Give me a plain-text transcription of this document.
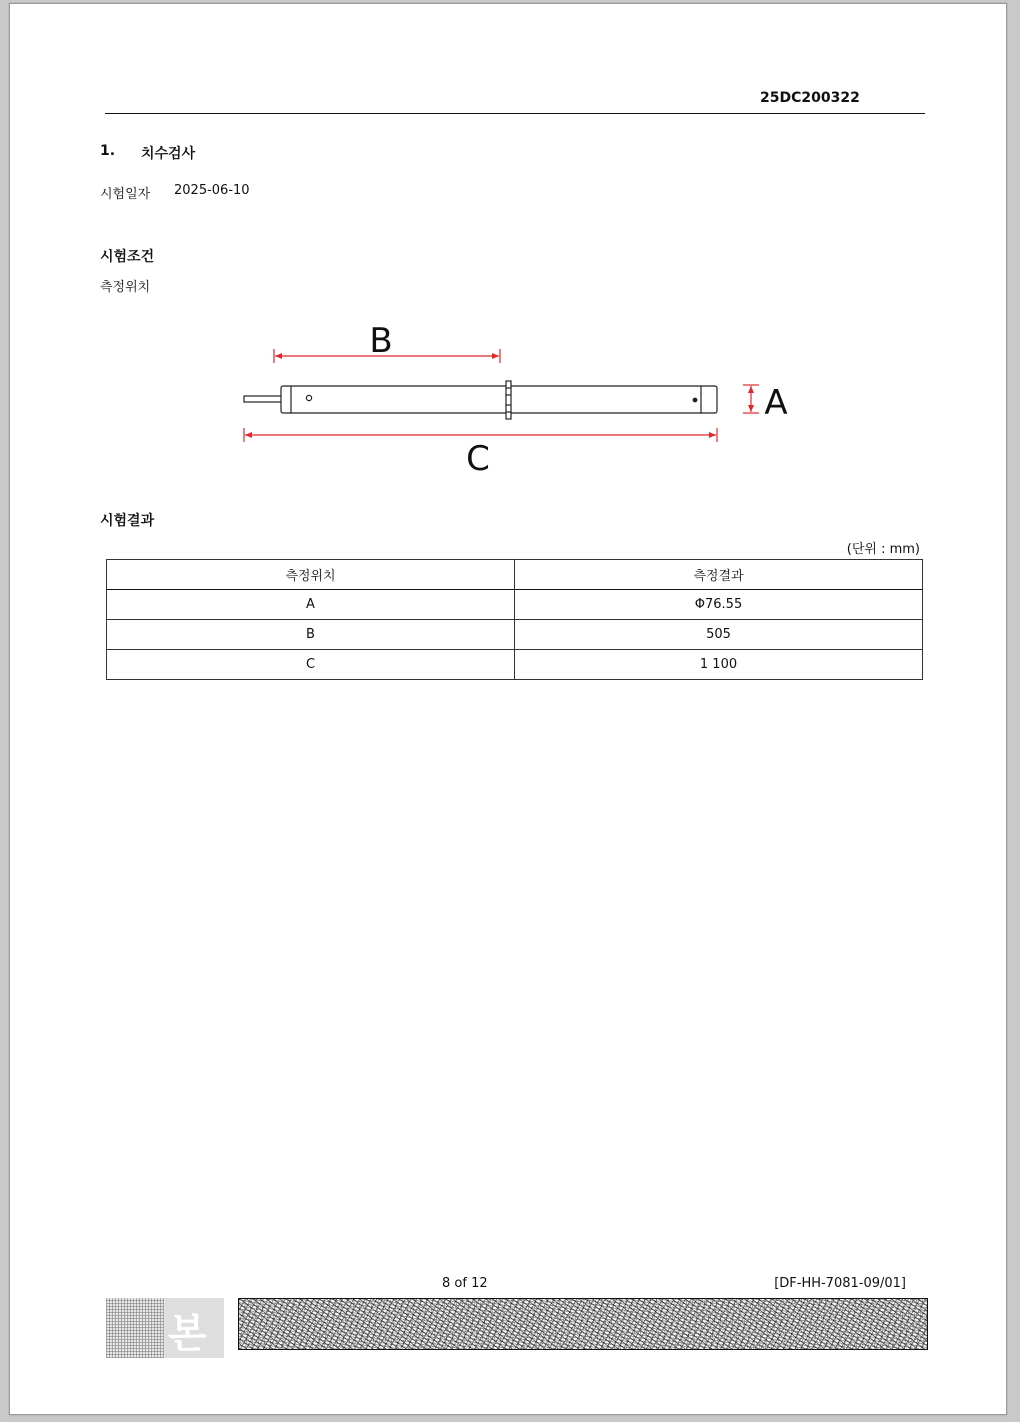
25DC200322
1. 치수검사
시험일자 2025-06-10
시험조건
측정위치
B
A
C
시험결과
(단위 : mm)
측정위치	측정결과
A	Φ76.55
B	505
C	1 100
8 of 12	[DF-HH-7081-09/01]
본
